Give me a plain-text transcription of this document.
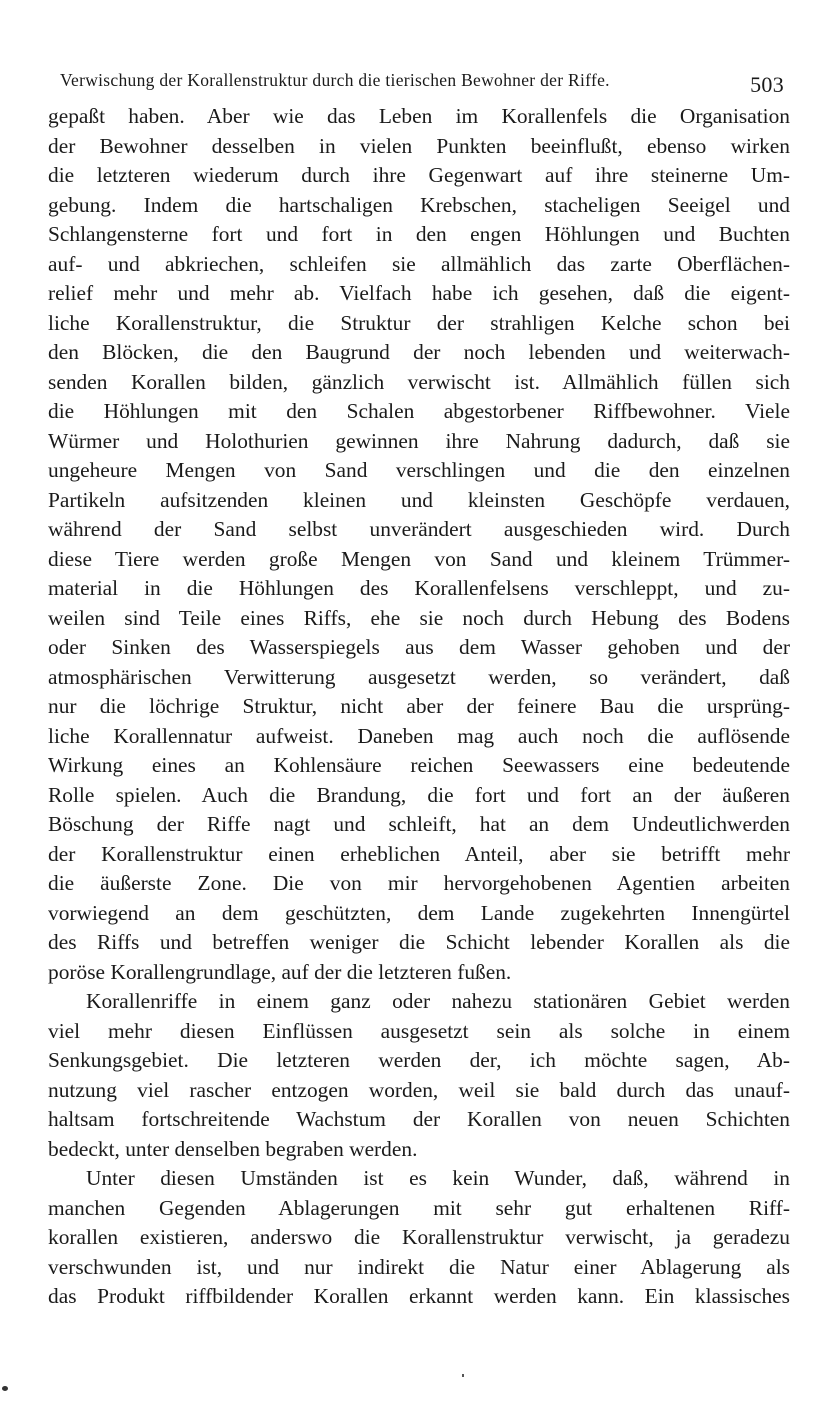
Verwischung der Korallenstruktur durch die tierischen Bewohner der Riffe.	503
gepaßt haben. Aber wie das Leben im Korallenfels die Organisation
der Bewohner desselben in vielen Punkten beeinflußt, ebenso wirken
die letzteren wiederum durch ihre Gegenwart auf ihre steinerne Um-
gebung. Indem die hartschaligen Krebschen, stacheligen Seeigel und
Schlangensterne fort und fort in den engen Höhlungen und Buchten
auf- und abkriechen, schleifen sie allmählich das zarte Oberflächen-
relief mehr und mehr ab. Vielfach habe ich gesehen, daß die eigent-
liche Korallenstruktur, die Struktur der strahligen Kelche schon bei
den Blöcken, die den Baugrund der noch lebenden und weiterwach-
senden Korallen bilden, gänzlich verwischt ist. Allmählich füllen sich
die Höhlungen mit den Schalen abgestorbener Riffbewohner. Viele
Würmer und Holothurien gewinnen ihre Nahrung dadurch, daß sie
ungeheure Mengen von Sand verschlingen und die den einzelnen
Partikeln aufsitzenden kleinen und kleinsten Geschöpfe verdauen,
während der Sand selbst unverändert ausgeschieden wird. Durch
diese Tiere werden große Mengen von Sand und kleinem Trümmer-
material in die Höhlungen des Korallenfelsens verschleppt, und zu-
weilen sind Teile eines Riffs, ehe sie noch durch Hebung des Bodens
oder Sinken des Wasserspiegels aus dem Wasser gehoben und der
atmosphärischen Verwitterung ausgesetzt werden, so verändert, daß
nur die löchrige Struktur, nicht aber der feinere Bau die ursprüng-
liche Korallennatur aufweist. Daneben mag auch noch die auflösende
Wirkung eines an Kohlensäure reichen Seewassers eine bedeutende
Rolle spielen. Auch die Brandung, die fort und fort an der äußeren
Böschung der Riffe nagt und schleift, hat an dem Undeutlichwerden
der Korallenstruktur einen erheblichen Anteil, aber sie betrifft mehr
die äußerste Zone. Die von mir hervorgehobenen Agentien arbeiten
vorwiegend an dem geschützten, dem Lande zugekehrten Innengürtel
des Riffs und betreffen weniger die Schicht lebender Korallen als die
poröse Korallengrundlage, auf der die letzteren fußen.
Korallenriffe in einem ganz oder nahezu stationären Gebiet werden
viel mehr diesen Einflüssen ausgesetzt sein als solche in einem
Senkungsgebiet. Die letzteren werden der, ich möchte sagen, Ab-
nutzung viel rascher entzogen worden, weil sie bald durch das unauf-
haltsam fortschreitende Wachstum der Korallen von neuen Schichten
bedeckt, unter denselben begraben werden.
Unter diesen Umständen ist es kein Wunder, daß, während in
manchen Gegenden Ablagerungen mit sehr gut erhaltenen Riff-
korallen existieren, anderswo die Korallenstruktur verwischt, ja geradezu
verschwunden ist, und nur indirekt die Natur einer Ablagerung als
das Produkt riffbildender Korallen erkannt werden kann. Ein klassisches
